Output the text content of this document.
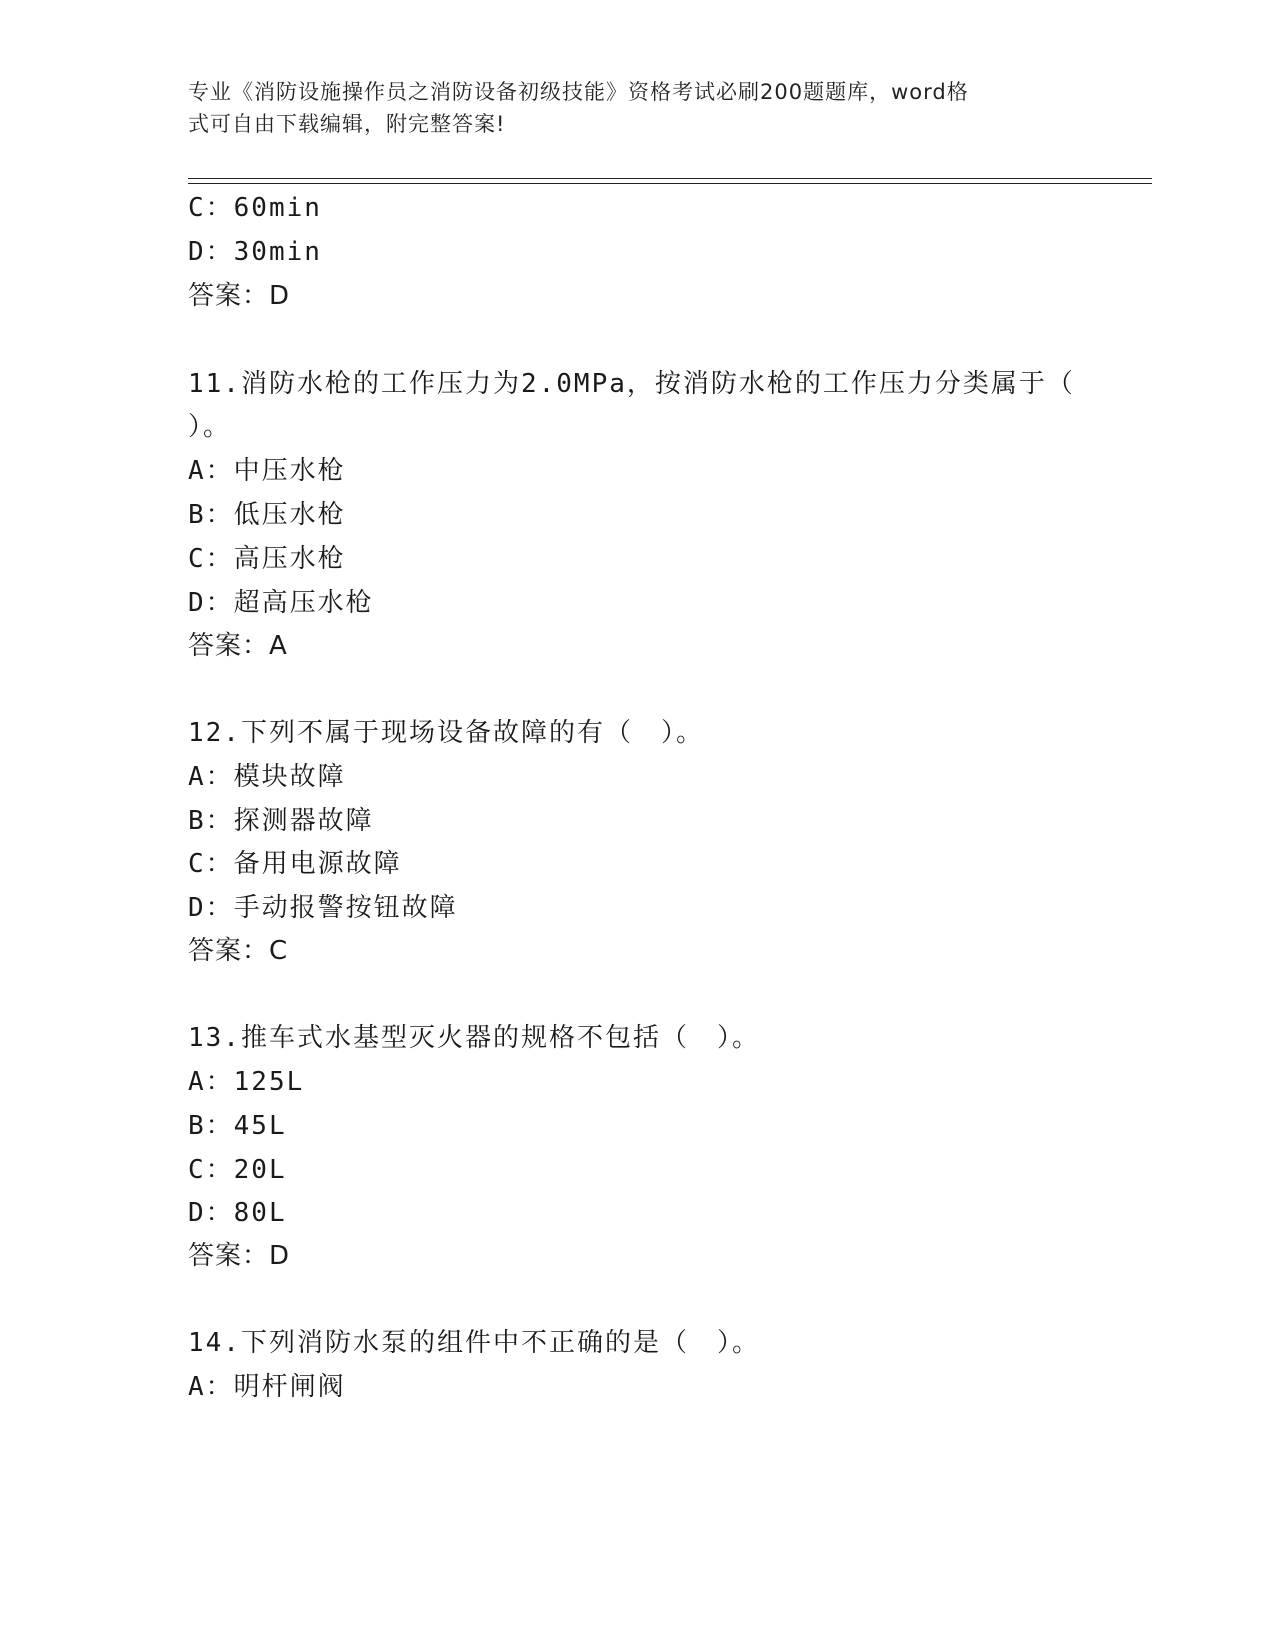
专业《消防设施操作员之消防设备初级技能》资格考试必刷200题题库，word格
式可自由下载编辑，附完整答案!
C：60min
D：30min
答案：D
11.消防水枪的工作压力为2.0MPa，按消防水枪的工作压力分类属于（
）。
A：中压水枪
B：低压水枪
C：高压水枪
D：超高压水枪
答案：A
12.下列不属于现场设备故障的有（　）。
A：模块故障
B：探测器故障
C：备用电源故障
D：手动报警按钮故障
答案：C
13.推车式水基型灭火器的规格不包括（　）。
A：125L
B：45L
C：20L
D：80L
答案：D
14.下列消防水泵的组件中不正确的是（　）。
A：明杆闸阀
